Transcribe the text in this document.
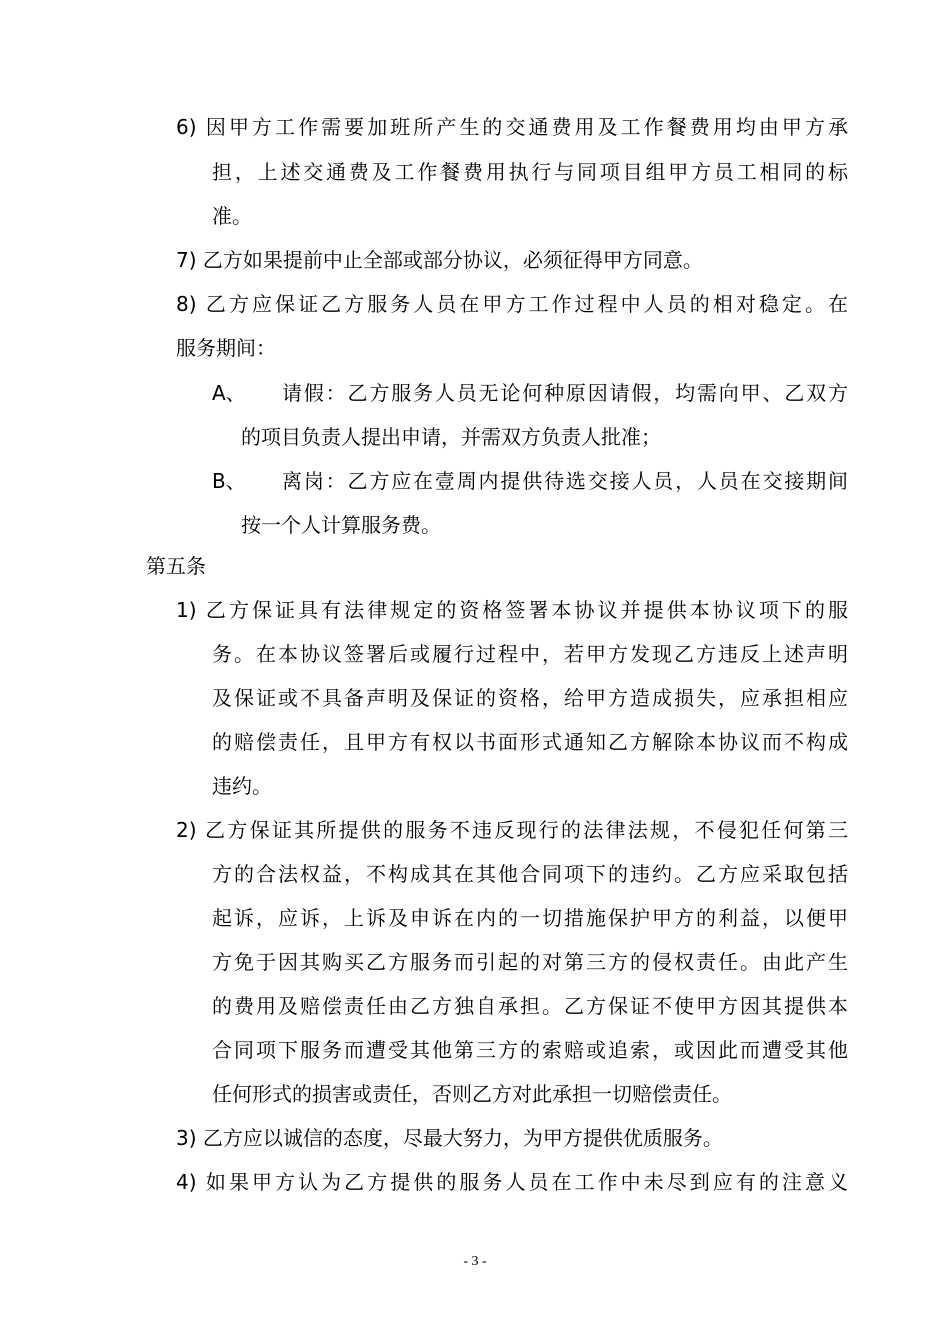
6) 因甲方工作需要加班所产生的交通费用及工作餐费用均由甲方承
担，上述交通费及工作餐费用执行与同项目组甲方员工相同的标
准。
7) 乙方如果提前中止全部或部分协议，必须征得甲方同意。
8) 乙方应保证乙方服务人员在甲方工作过程中人员的相对稳定。在
服务期间：
A、 请假：乙方服务人员无论何种原因请假，均需向甲、乙双方
的项目负责人提出申请，并需双方负责人批准；
B、 离岗：乙方应在壹周内提供待选交接人员，人员在交接期间
按一个人计算服务费。
第五条
1) 乙方保证具有法律规定的资格签署本协议并提供本协议项下的服
务。在本协议签署后或履行过程中，若甲方发现乙方违反上述声明
及保证或不具备声明及保证的资格，给甲方造成损失，应承担相应
的赔偿责任，且甲方有权以书面形式通知乙方解除本协议而不构成
违约。
2) 乙方保证其所提供的服务不违反现行的法律法规，不侵犯任何第三
方的合法权益，不构成其在其他合同项下的违约。乙方应采取包括
起诉，应诉，上诉及申诉在内的一切措施保护甲方的利益，以便甲
方免于因其购买乙方服务而引起的对第三方的侵权责任。由此产生
的费用及赔偿责任由乙方独自承担。乙方保证不使甲方因其提供本
合同项下服务而遭受其他第三方的索赔或追索，或因此而遭受其他
任何形式的损害或责任，否则乙方对此承担一切赔偿责任。
3) 乙方应以诚信的态度，尽最大努力，为甲方提供优质服务。
4) 如果甲方认为乙方提供的服务人员在工作中未尽到应有的注意义
- 3 -
